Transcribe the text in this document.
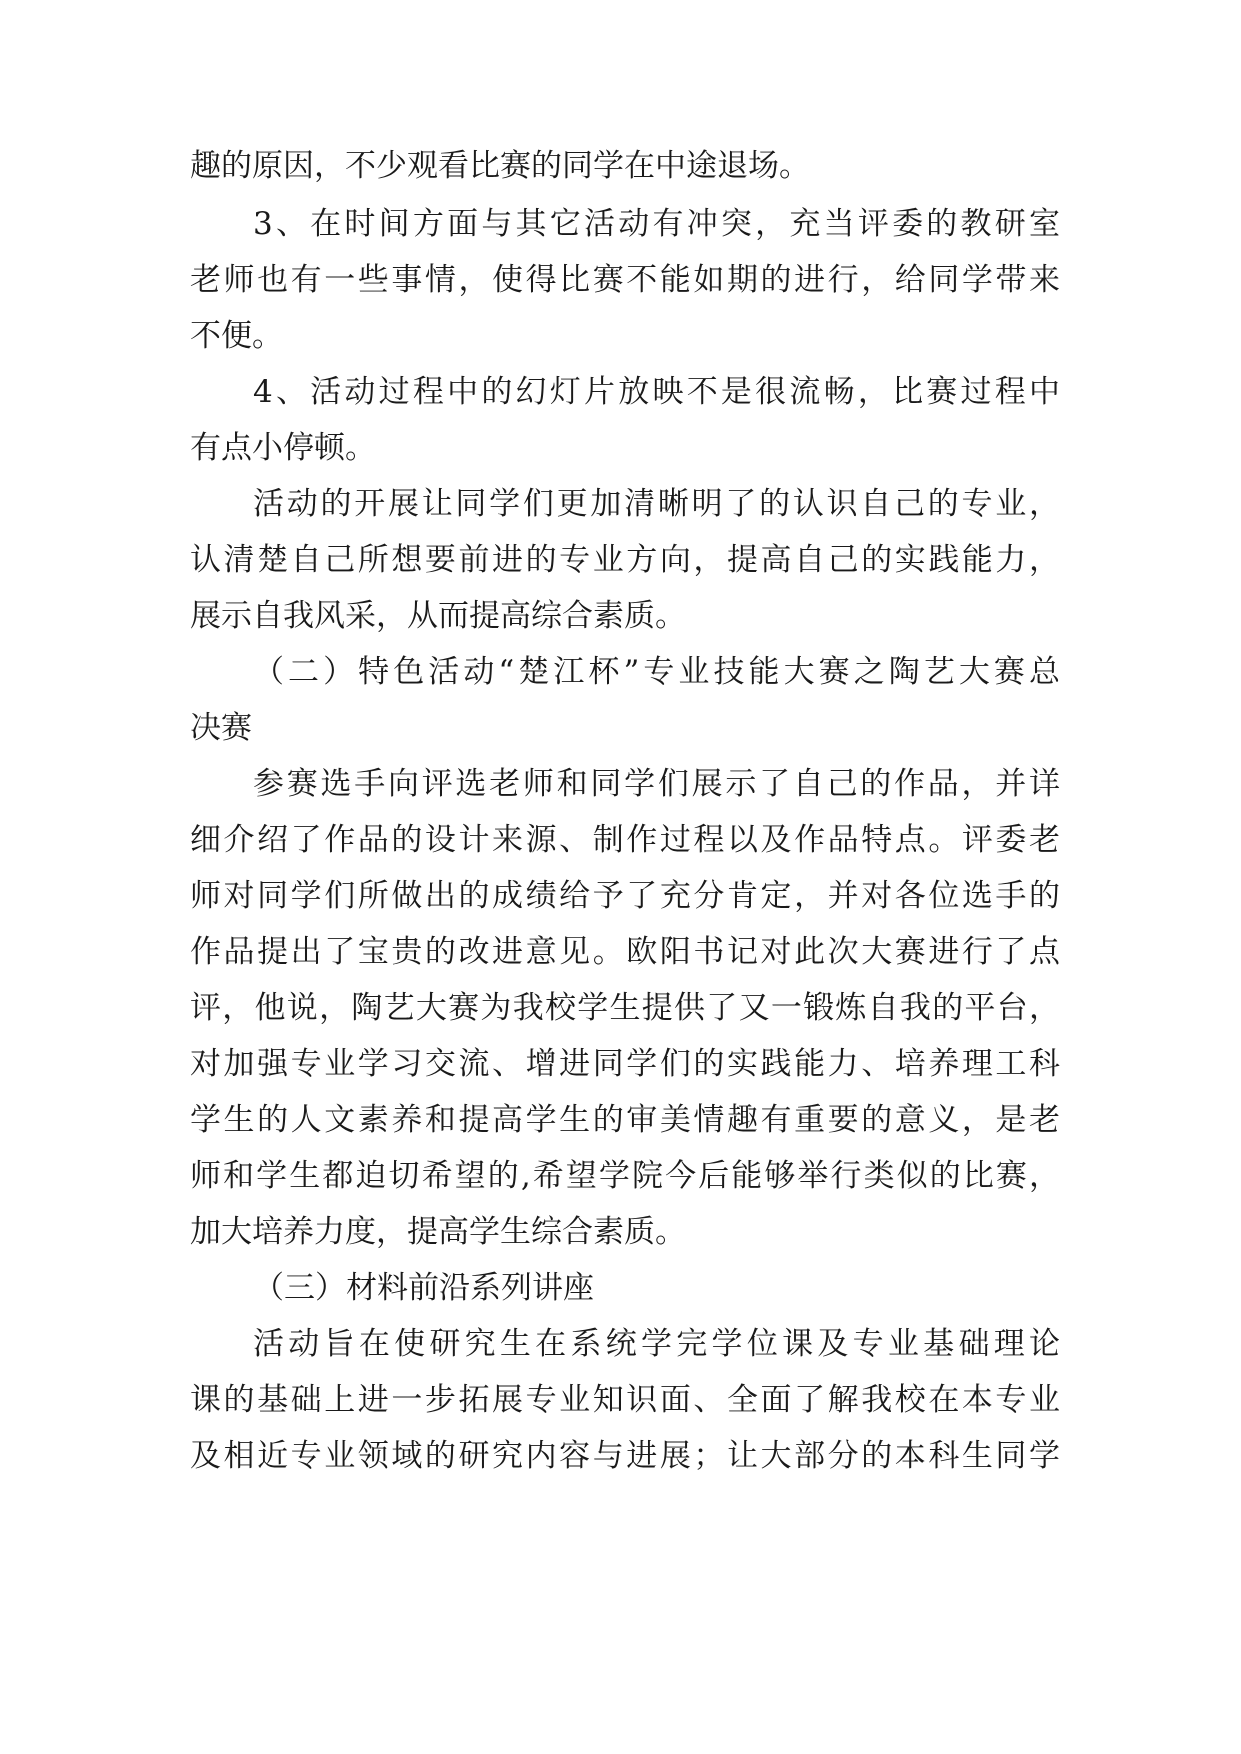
趣的原因，不少观看比赛的同学在中途退场。
3、在时间方面与其它活动有冲突，充当评委的教研室
老师也有一些事情，使得比赛不能如期的进行，给同学带来
不便。
4、活动过程中的幻灯片放映不是很流畅，比赛过程中
有点小停顿。
活动的开展让同学们更加清晰明了的认识自己的专业，
认清楚自己所想要前进的专业方向，提高自己的实践能力，
展示自我风采，从而提高综合素质。
（二）特色活动“楚江杯”专业技能大赛之陶艺大赛总
决赛
参赛选手向评选老师和同学们展示了自己的作品，并详
细介绍了作品的设计来源、制作过程以及作品特点。评委老
师对同学们所做出的成绩给予了充分肯定，并对各位选手的
作品提出了宝贵的改进意见。欧阳书记对此次大赛进行了点
评，他说，陶艺大赛为我校学生提供了又一锻炼自我的平台，
对加强专业学习交流、增进同学们的实践能力、培养理工科
学生的人文素养和提高学生的审美情趣有重要的意义，是老
师和学生都迫切希望的,希望学院今后能够举行类似的比赛，
加大培养力度，提高学生综合素质。
（三）材料前沿系列讲座
活动旨在使研究生在系统学完学位课及专业基础理论
课的基础上进一步拓展专业知识面、全面了解我校在本专业
及相近专业领域的研究内容与进展；让大部分的本科生同学
